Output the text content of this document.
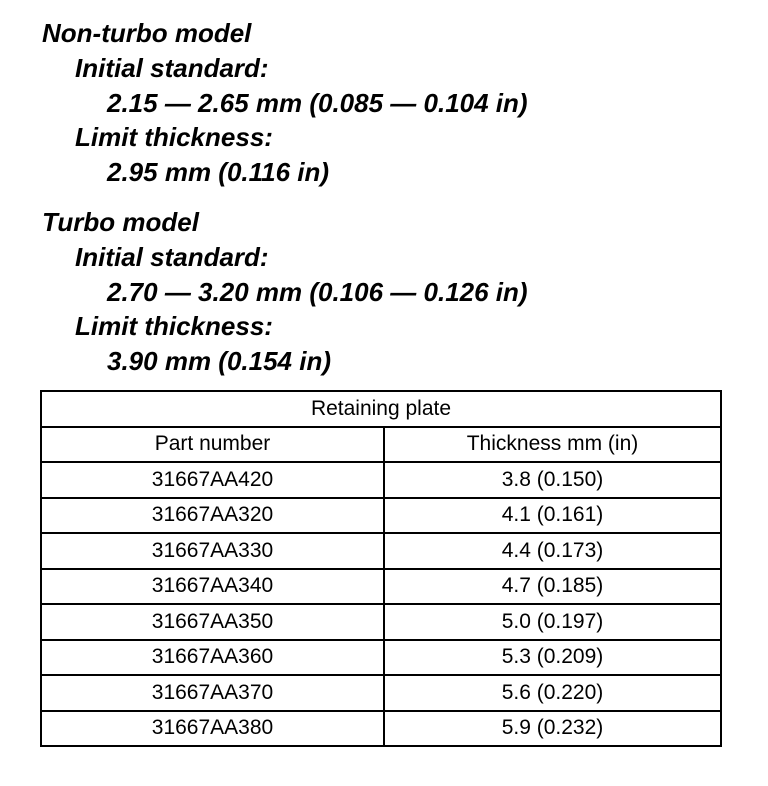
Non-turbo model

Initial standard:

2.15 — 2.65 mm (0.085 — 0.104 in)

Limit thickness:

2.95 mm (0.116 in)

Turbo model

Initial standard:

2.70 — 3.20 mm (0.106 — 0.126 in)

Limit thickness:

3.90 mm (0.154 in)

Retaining plate	
Part number	Thickness mm (in)
31667AA420	3.8 (0.150)
31667AA320	4.1 (0.161)
31667AA330	4.4 (0.173)
31667AA340	4.7 (0.185)
31667AA350	5.0 (0.197)
31667AA360	5.3 (0.209)
31667AA370	5.6 (0.220)
31667AA380	5.9 (0.232)
